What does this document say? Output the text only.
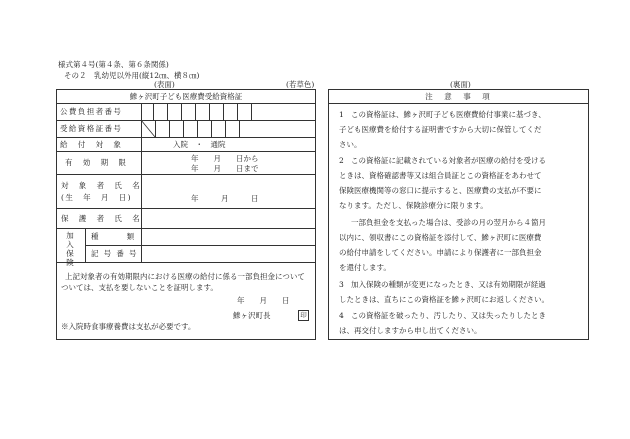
様式第４号(第４条、第６条関係)
その２　乳幼児以外用(縦12㎝、横８㎝)
(表面)	(若草色)	(裏面)
鰺ヶ沢町子ども医療費受給資格証
公費負担者番号
受給資格証番号
給　付　対　象	入院　・　通院
有　効　期　限	年　　月　　日から
年　　月　　日まで
対　象　者　氏　名
(生　年　月　日)	年　　　月　　　日
保　護　者　氏　名
加入保険
種　　　類
記 号 番 号
上記対象者の有効期限内における医療の給付に係る一部負担金について
ついては、支払を要しないことを証明します。
年　　月　　日
鰺ヶ沢町長	印
※入院時食事療養費は支払が必要です。
注　意　事　項
1 この資格証は、鰺ヶ沢町子ども医療費給付事業に基づき、
子ども医療費を給付する証明書ですから大切に保管してくだ
さい。
2 この資格証に記載されている対象者が医療の給付を受ける
ときは、資格確認書等又は組合員証とこの資格証をあわせて
保険医療機関等の窓口に提示すると、医療費の支払が不要に
なります。ただし、保険診療分に限ります。
一部負担金を支払った場合は、受診の月の翌月から４箇月
以内に、領収書にこの資格証を添付して、鰺ヶ沢町に医療費
の給付申請をしてください。申請により保護者に一部負担金
を還付します。
3 加入保険の種類が変更になったとき、又は有効期限が経過
したときは、直ちにこの資格証を鰺ヶ沢町にお返しください。
4 この資格証を破ったり、汚したり、又は失ったりしたとき
は、再交付しますから申し出てください。
